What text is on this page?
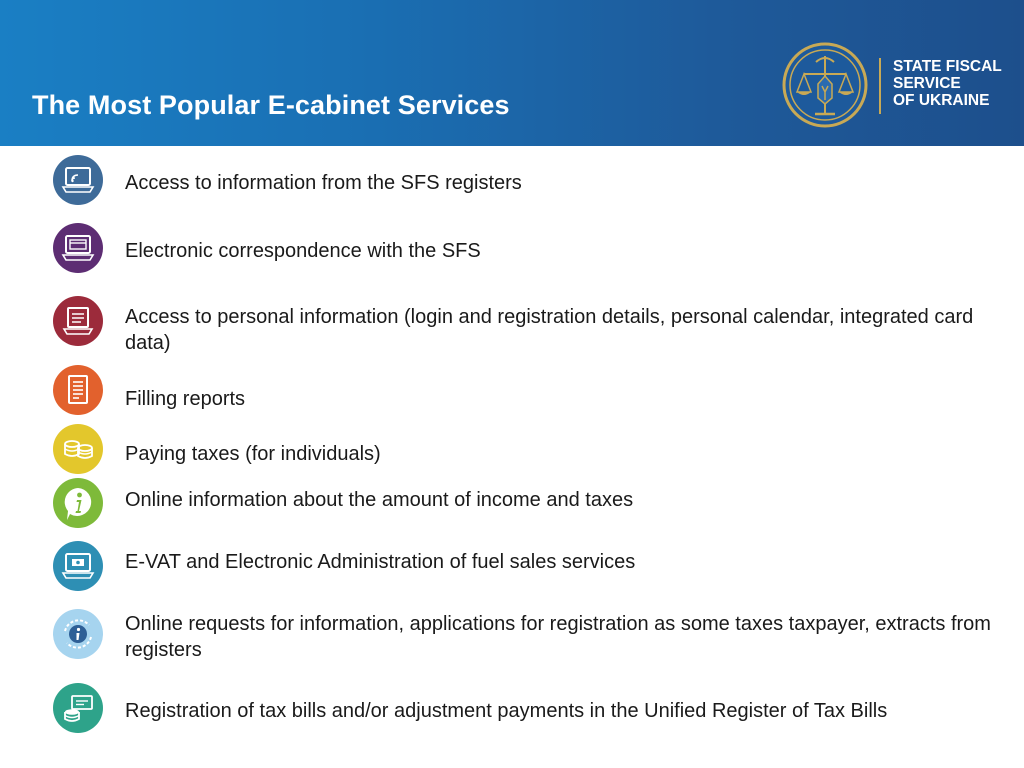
The Most Popular E-cabinet Services
STATE FISCAL
SERVICE
OF UKRAINE
Access to information from the SFS registers
Electronic correspondence with the SFS
Access to personal information (login and registration details, personal calendar, integrated card data)
Filling reports
Paying taxes (for individuals)
Online information about the amount of income and taxes
E-VAT and Electronic Administration of fuel sales services
Online requests for information, applications for registration as some taxes taxpayer, extracts from registers
Registration of tax bills and/or adjustment payments in the Unified Register of Tax Bills
